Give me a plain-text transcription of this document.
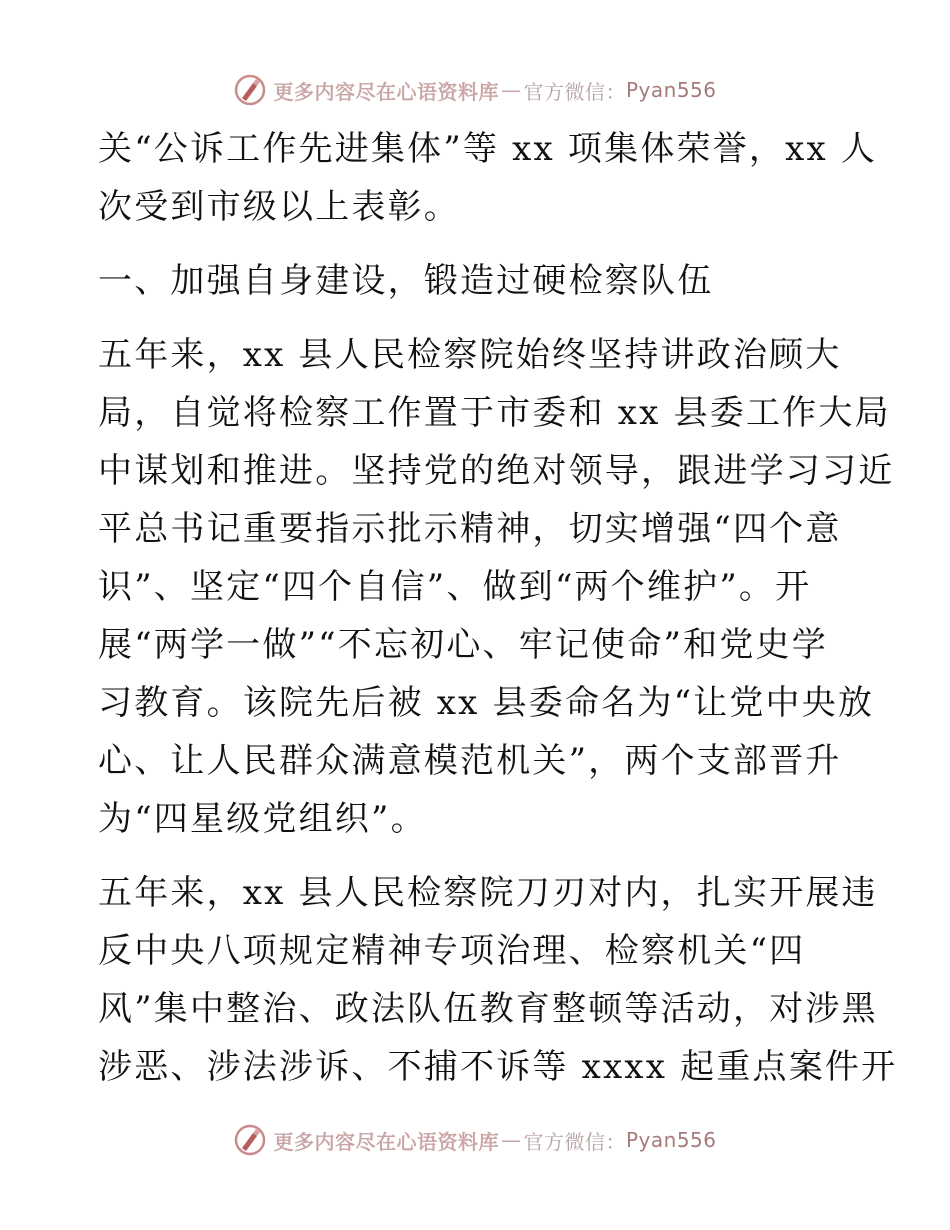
更多内容尽在心语资料库 — 官方微信： Pyan556

关“公诉工作先进集体”等 xx 项集体荣誉，xx 人
次受到市级以上表彰。

一、加强自身建设，锻造过硬检察队伍

五年来，xx 县人民检察院始终坚持讲政治顾大
局，自觉将检察工作置于市委和 xx 县委工作大局
中谋划和推进。坚持党的绝对领导，跟进学习习近
平总书记重要指示批示精神，切实增强“四个意
识”、坚定“四个自信”、做到“两个维护”。开
展“两学一做”“不忘初心、牢记使命”和党史学
习教育。该院先后被 xx 县委命名为“让党中央放
心、让人民群众满意模范机关”，两个支部晋升
为“四星级党组织”。

五年来，xx 县人民检察院刀刃对内，扎实开展违
反中央八项规定精神专项治理、检察机关“四
风”集中整治、政法队伍教育整顿等活动，对涉黑
涉恶、涉法涉诉、不捕不诉等 xxxx 起重点案件开

更多内容尽在心语资料库 — 官方微信： Pyan556
